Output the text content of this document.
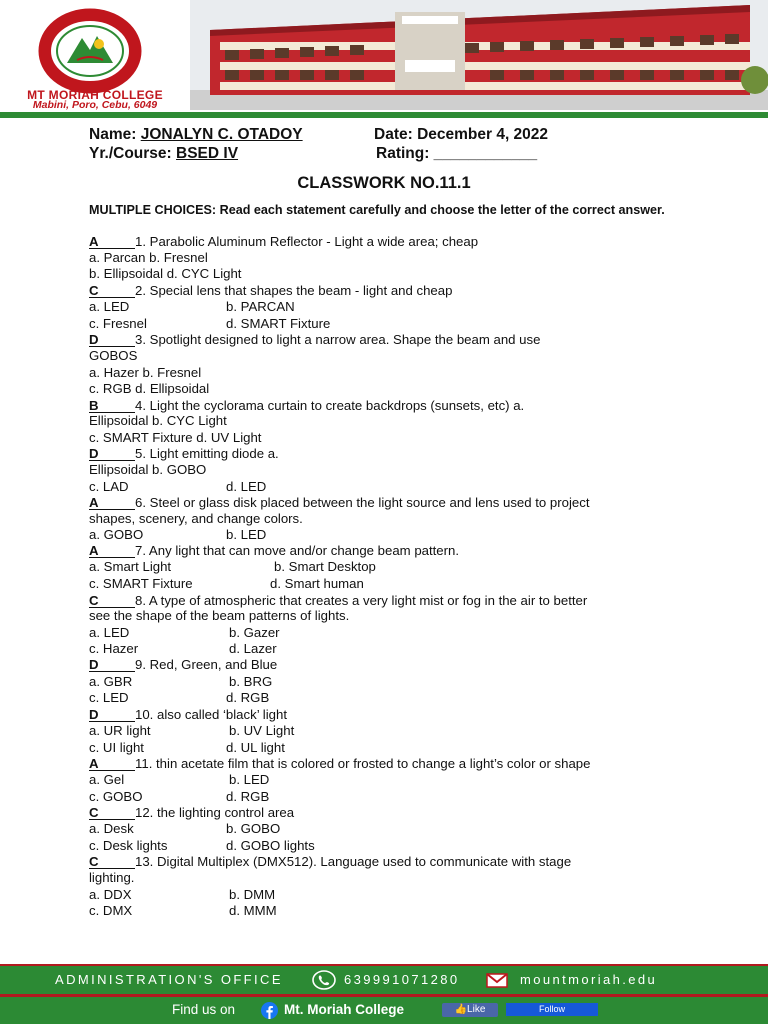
MT MORIAH COLLEGE
Mabini, Poro, Cebu, 6049
Name: JONALYN C. OTADOY	Date: December 4, 2022
Yr./Course: BSED IV	Rating: ____________
CLASSWORK NO.11.1
MULTIPLE CHOICES: Read each statement carefully and choose the letter of the correct answer.
A	1. Parabolic Aluminum Reflector - Light a wide area; cheap
a. Parcan b. Fresnel
b. Ellipsoidal d. CYC Light
C	2. Special lens that shapes the beam - light and cheap
a. LED	b. PARCAN
c. Fresnel	d. SMART Fixture
D	3. Spotlight designed to light a narrow area. Shape the beam and use
GOBOS
a. Hazer b. Fresnel
c. RGB d. Ellipsoidal
B	4. Light the cyclorama curtain to create backdrops (sunsets, etc) a.
Ellipsoidal b. CYC Light
c. SMART Fixture d. UV Light
D	5. Light emitting diode a.
Ellipsoidal b. GOBO
c. LAD	d. LED
A	6. Steel or glass disk placed between the light source and lens used to project
shapes, scenery, and change colors.
a. GOBO	b. LED
A	7. Any light that can move and/or change beam pattern.
a. Smart Light	b. Smart Desktop
c. SMART Fixture	d. Smart human
C	8. A type of atmospheric that creates a very light mist or fog in the air to better
see the shape of the beam patterns of lights.
a. LED	b. Gazer
c. Hazer	d. Lazer
D	9. Red, Green, and Blue
a. GBR	b. BRG
c. LED	d. RGB
D	10. also called ‘black’ light
a. UR light	b. UV Light
c. UI light	d. UL light
A	11. thin acetate film that is colored or frosted to change a light’s color or shape
a. Gel	b. LED
c. GOBO	d. RGB
C	12. the lighting control area
a. Desk	b. GOBO
c. Desk lights	d. GOBO lights
C	13. Digital Multiplex (DMX512). Language used to communicate with stage
lighting.
a. DDX	b. DMM
c. DMX	d. MMM
ADMINISTRATION'S OFFICE	639991071280	mountmoriah.edu
Find us on	Mt. Moriah College	👍Like	Follow
